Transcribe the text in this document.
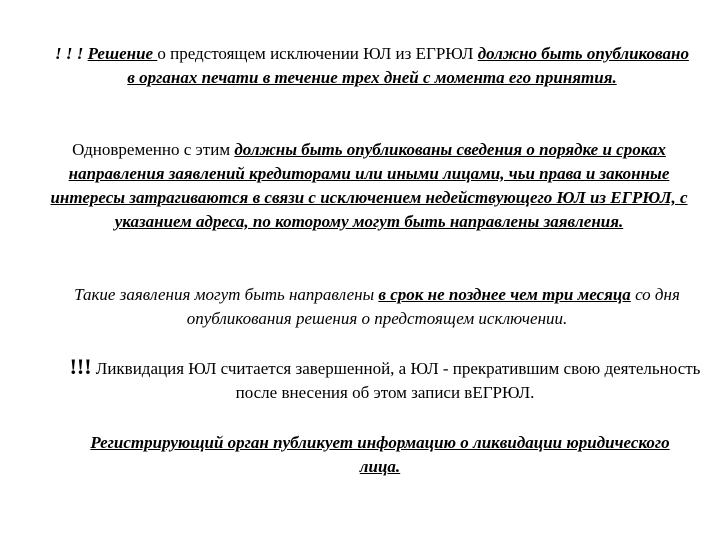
! ! ! Решение о предстоящем исключении ЮЛ из ЕГРЮЛ должно быть опубликовано в органах печати в течение трех дней с момента его принятия.

Одновременно с этим должны быть опубликованы сведения о порядке и сроках направления заявлений кредиторами или иными лицами, чьи права и законные интересы затрагиваются в связи с исключением недействующего ЮЛ из ЕГРЮЛ, с указанием адреса, по которому могут быть направлены заявления.

Такие заявления могут быть направлены в срок не позднее чем три месяца со дня опубликования решения о предстоящем исключении.

!!! Ликвидация ЮЛ считается завершенной, а ЮЛ - прекратившим свою деятельность после внесения об этом записи вЕГРЮЛ.

Регистрирующий орган публикует информацию о ликвидации юридического лица.
